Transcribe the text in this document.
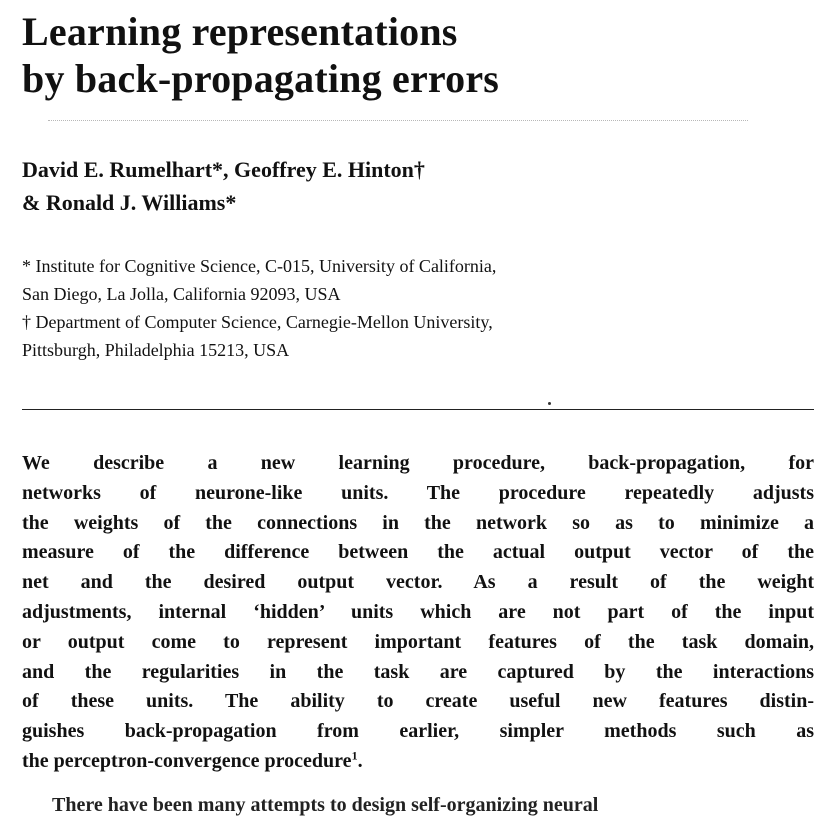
Learning representations
by back-propagating errors
David E. Rumelhart*, Geoffrey E. Hinton†
& Ronald J. Williams*
* Institute for Cognitive Science, C-015, University of California,
San Diego, La Jolla, California 92093, USA
† Department of Computer Science, Carnegie-Mellon University,
Pittsburgh, Philadelphia 15213, USA

We describe a new learning procedure, back-propagation, for
networks of neurone-like units. The procedure repeatedly adjusts
the weights of the connections in the network so as to minimize a
measure of the difference between the actual output vector of the
net and the desired output vector. As a result of the weight
adjustments, internal ‘hidden’ units which are not part of the input
or output come to represent important features of the task domain,
and the regularities in the task are captured by the interactions
of these units. The ability to create useful new features distin-
guishes back-propagation from earlier, simpler methods such as
the perceptron-convergence procedure$^1$.

There have been many attempts to design self-organizing neural
